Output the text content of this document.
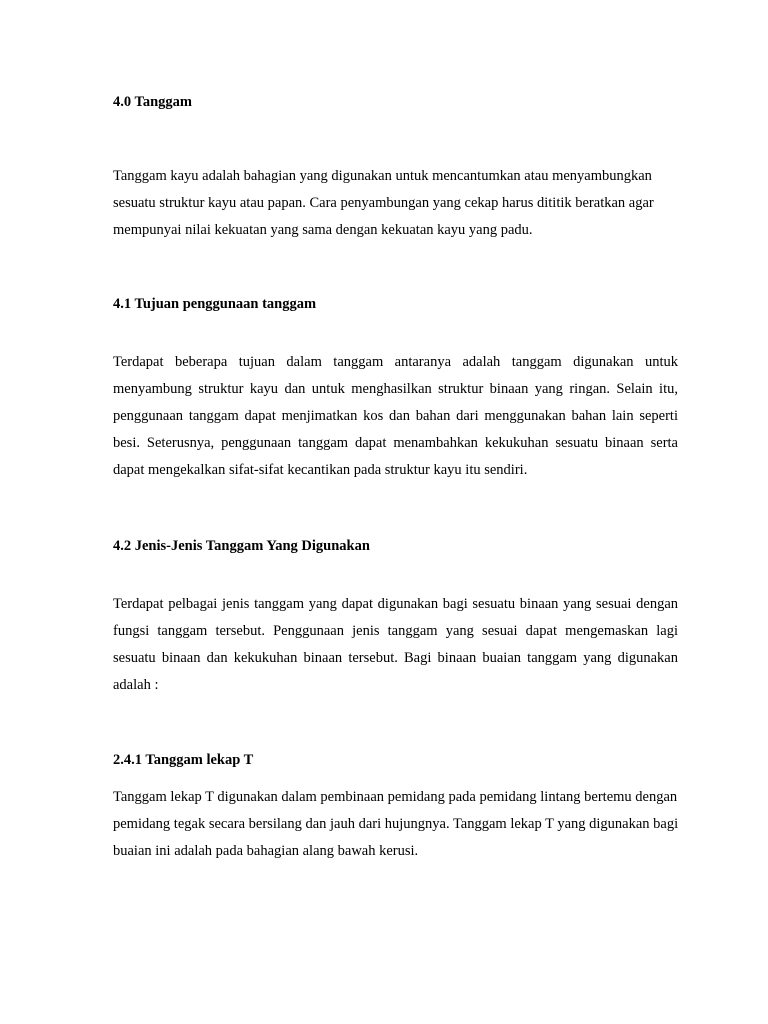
4.0 Tanggam
Tanggam kayu adalah bahagian yang digunakan untuk mencantumkan atau menyambungkan sesuatu struktur kayu atau papan. Cara penyambungan yang cekap harus dititik beratkan agar mempunyai nilai kekuatan yang sama dengan kekuatan kayu yang padu.
4.1 Tujuan penggunaan tanggam
Terdapat beberapa tujuan dalam tanggam antaranya adalah tanggam digunakan untuk menyambung struktur kayu dan untuk menghasilkan struktur binaan yang ringan. Selain itu, penggunaan tanggam dapat menjimatkan kos dan bahan dari menggunakan bahan lain seperti besi. Seterusnya, penggunaan tanggam dapat menambahkan kekukuhan sesuatu binaan serta dapat mengekalkan sifat-sifat kecantikan pada struktur kayu itu sendiri.
4.2 Jenis-Jenis Tanggam Yang Digunakan
Terdapat pelbagai jenis tanggam yang dapat digunakan bagi sesuatu binaan yang sesuai dengan fungsi tanggam tersebut. Penggunaan jenis tanggam yang sesuai dapat mengemaskan lagi sesuatu binaan dan kekukuhan binaan tersebut. Bagi binaan buaian tanggam yang digunakan adalah :
2.4.1 Tanggam lekap T
Tanggam lekap T digunakan dalam pembinaan pemidang pada pemidang lintang bertemu dengan pemidang tegak secara bersilang dan jauh dari hujungnya. Tanggam lekap T yang digunakan bagi buaian ini adalah pada bahagian alang bawah kerusi.
